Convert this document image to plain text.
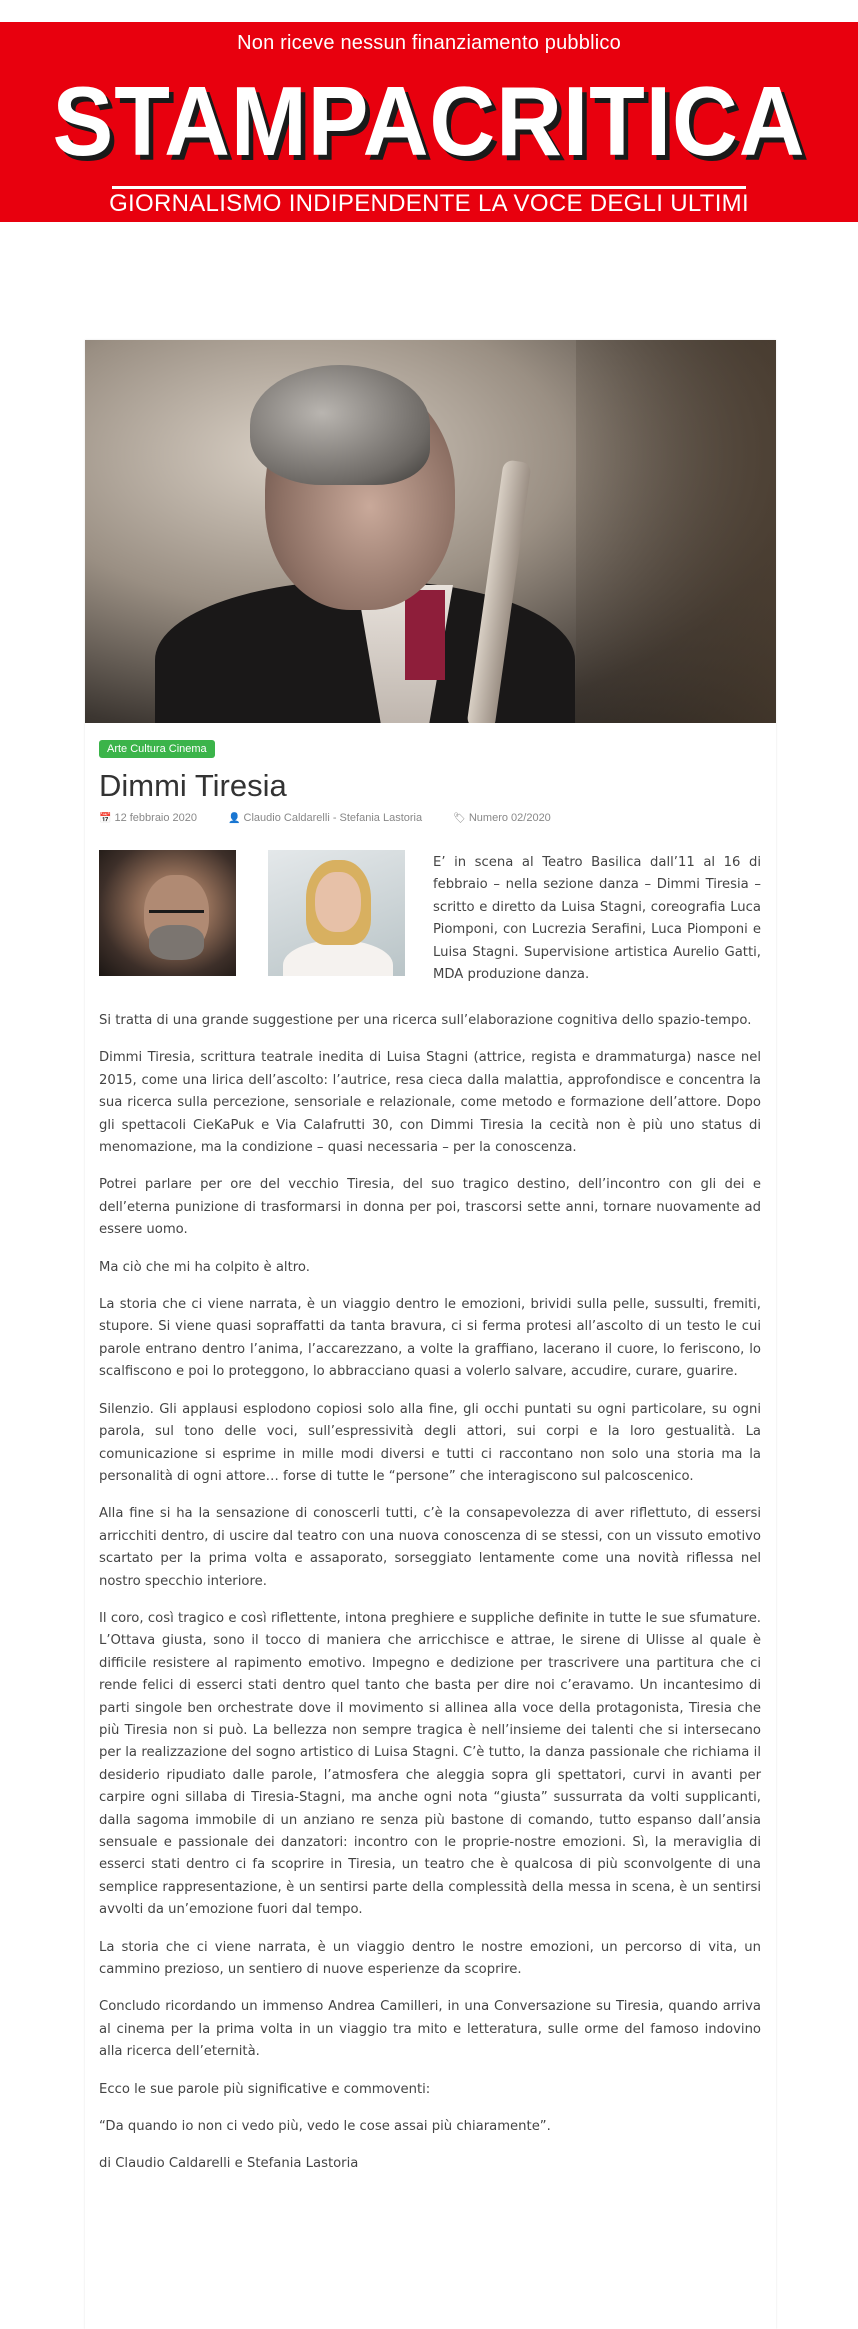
Non riceve nessun finanziamento pubblico
STAMPACRITICA
GIORNALISMO INDIPENDENTE LA VOCE DEGLI ULTIMI
Arte Cultura Cinema
Dimmi Tiresia
📅 12 febbraio 2020	👤 Claudio Caldarelli - Stefania Lastoria	🏷 Numero 02/2020

E’ in scena al Teatro Basilica dall’11 al 16 di febbraio – nella sezione danza – Dimmi Tiresia – scritto e diretto da Luisa Stagni, coreografia Luca Piomponi, con Lucrezia Serafini, Luca Piomponi e Luisa Stagni. Supervisione artistica Aurelio Gatti, MDA produzione danza.

Si tratta di una grande suggestione per una ricerca sull’elaborazione cognitiva dello spazio-tempo.

Dimmi Tiresia, scrittura teatrale inedita di Luisa Stagni (attrice, regista e drammaturga) nasce nel 2015, come una lirica dell’ascolto: l’autrice, resa cieca dalla malattia, approfondisce e concentra la sua ricerca sulla percezione, sensoriale e relazionale, come metodo e formazione dell’attore. Dopo gli spettacoli CieKaPuk e Via Calafrutti 30, con Dimmi Tiresia la cecità non è più uno status di menomazione, ma la condizione – quasi necessaria – per la conoscenza.

Potrei parlare per ore del vecchio Tiresia, del suo tragico destino, dell’incontro con gli dei e dell’eterna punizione di trasformarsi in donna per poi, trascorsi sette anni, tornare nuovamente ad essere uomo.

Ma ciò che mi ha colpito è altro.

La storia che ci viene narrata, è un viaggio dentro le emozioni, brividi sulla pelle, sussulti, fremiti, stupore. Si viene quasi sopraffatti da tanta bravura, ci si ferma protesi all’ascolto di un testo le cui parole entrano dentro l’anima, l’accarezzano, a volte la graffiano, lacerano il cuore, lo feriscono, lo scalfiscono e poi lo proteggono, lo abbracciano quasi a volerlo salvare, accudire, curare, guarire.

Silenzio. Gli applausi esplodono copiosi solo alla fine, gli occhi puntati su ogni particolare, su ogni parola, sul tono delle voci, sull’espressività degli attori, sui corpi e la loro gestualità. La comunicazione si esprime in mille modi diversi e tutti ci raccontano non solo una storia ma la personalità di ogni attore… forse di tutte le “persone” che interagiscono sul palcoscenico.

Alla fine si ha la sensazione di conoscerli tutti, c’è la consapevolezza di aver riflettuto, di essersi arricchiti dentro, di uscire dal teatro con una nuova conoscenza di se stessi, con un vissuto emotivo scartato per la prima volta e assaporato, sorseggiato lentamente come una novità riflessa nel nostro specchio interiore.

Il coro, così tragico e così riflettente, intona preghiere e suppliche definite in tutte le sue sfumature. L’Ottava giusta, sono il tocco di maniera che arricchisce e attrae, le sirene di Ulisse al quale è difficile resistere al rapimento emotivo. Impegno e dedizione per trascrivere una partitura che ci rende felici di esserci stati dentro quel tanto che basta per dire noi c’eravamo. Un incantesimo di parti singole ben orchestrate dove il movimento si allinea alla voce della protagonista, Tiresia che più Tiresia non si può. La bellezza non sempre tragica è nell’insieme dei talenti che si intersecano per la realizzazione del sogno artistico di Luisa Stagni. C’è tutto, la danza passionale che richiama il desiderio ripudiato dalle parole, l’atmosfera che aleggia sopra gli spettatori, curvi in avanti per carpire ogni sillaba di Tiresia-Stagni, ma anche ogni nota “giusta” sussurrata da volti supplicanti, dalla sagoma immobile di un anziano re senza più bastone di comando, tutto espanso dall’ansia sensuale e passionale dei danzatori: incontro con le proprie-nostre emozioni. Sì, la meraviglia di esserci stati dentro ci fa scoprire in Tiresia, un teatro che è qualcosa di più sconvolgente di una semplice rappresentazione, è un sentirsi parte della complessità della messa in scena, è un sentirsi avvolti da un’emozione fuori dal tempo.

La storia che ci viene narrata, è un viaggio dentro le nostre emozioni, un percorso di vita, un cammino prezioso, un sentiero di nuove esperienze da scoprire.

Concludo ricordando un immenso Andrea Camilleri, in una Conversazione su Tiresia, quando arriva al cinema per la prima volta in un viaggio tra mito e letteratura, sulle orme del famoso indovino alla ricerca dell’eternità.

Ecco le sue parole più significative e commoventi:

“Da quando io non ci vedo più, vedo le cose assai più chiaramente”.

di Claudio Caldarelli e Stefania Lastoria
